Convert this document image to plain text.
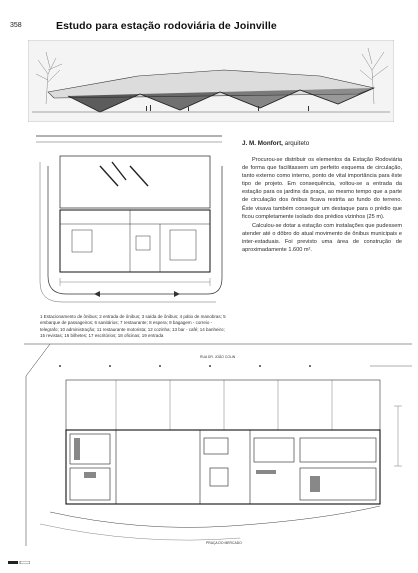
358	Estudo para estação rodoviária de Joinville
J. M. Monfort, arquiteto

Procurou-se distribuir os elementos da Estação Rodoviária de forma que facilitassem um perfeito esquema de circulação, tanto externo como interno, ponto de vital importância para êste tipo de projeto. Em consequência, voltou-se a entrada da estação para os jardins da praça, ao mesmo tempo que a parte de circulação dos ônibus ficava restrita ao fundo do terreno. Êste visava também conseguir um destaque para o prédio que ficou completamente isolado dos prédios vizinhos (25 m).

Calculou-se dotar a estação com instalações que pudessem atender até o dôbro do atual movimento de ônibus municipais e inter-estaduais. Foi previsto uma área de construção de aproximadamente 1.600 m².

1 Estacionamento de ônibus; 2 entrada de ônibus; 3 saída de ônibus; 4 pátio de manobras; 5 embarque de passageiros; 6 sanitários; 7 restaurante; 8 espera; 9 bagagem - correio - telegrafo; 10 administração; 11 restaurante motorista; 12 cozinha; 13 bar - café; 14 banheiro; 15 revistas; 16 bilhetes; 17 escritórios; 18 oficinas; 19 entrada
RUA DR. JOÃO COLIN
PRAÇA DO MERCADO
